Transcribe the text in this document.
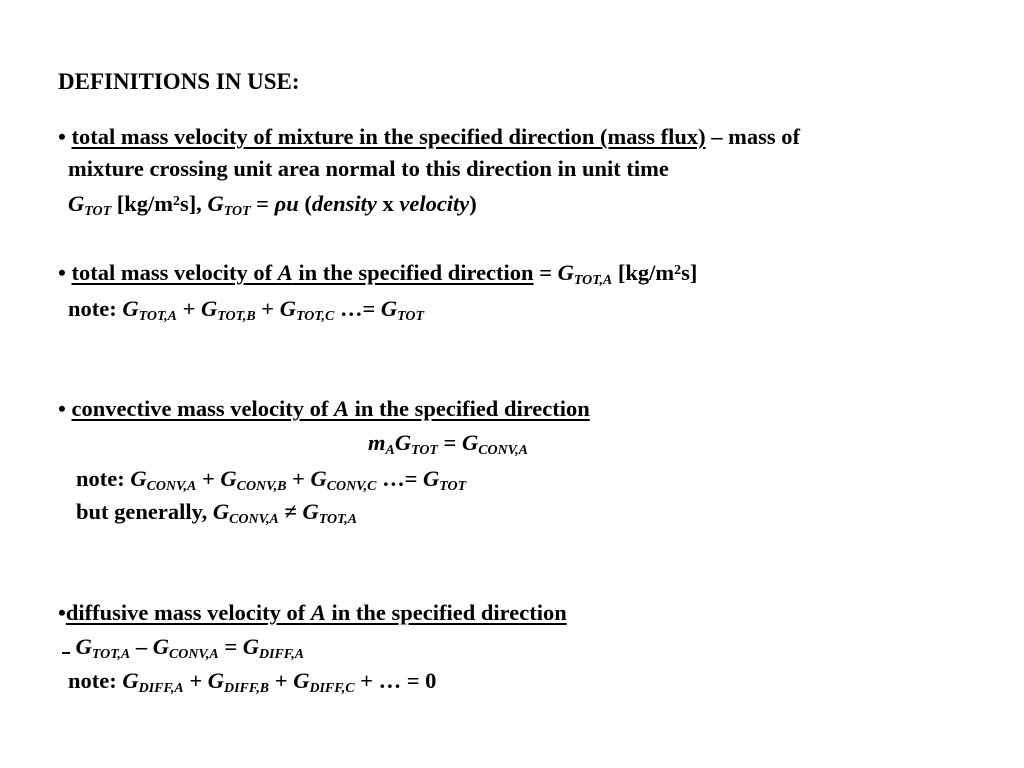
DEFINITIONS IN USE:
• total mass velocity of mixture in the specified direction (mass flux) – mass of
mixture crossing unit area normal to this direction in unit time
$G_{TOT}$ $[kg/m^2s]$, $G_{TOT} = \rho u$ (density x velocity)
• total mass velocity of A in the specified direction = $G_{TOT,A}$ $[kg/m^2s]$
note: $G_{TOT,A} + G_{TOT,B} + G_{TOT,C}$ …= $G_{TOT}$
• convective mass velocity of A in the specified direction
$m_AG_{TOT} = G_{CONV,A}$
note: $G_{CONV,A} + G_{CONV,B} + G_{CONV,C}$ …= $G_{TOT}$
but generally, $G_{CONV,A} \ne G_{TOT,A}$
•diffusive mass velocity of A in the specified direction
$G_{TOT,A} - G_{CONV,A} = G_{DIFF,A}$
note: $G_{DIFF,A} + G_{DIFF,B} + G_{DIFF,C}$ + … = 0
